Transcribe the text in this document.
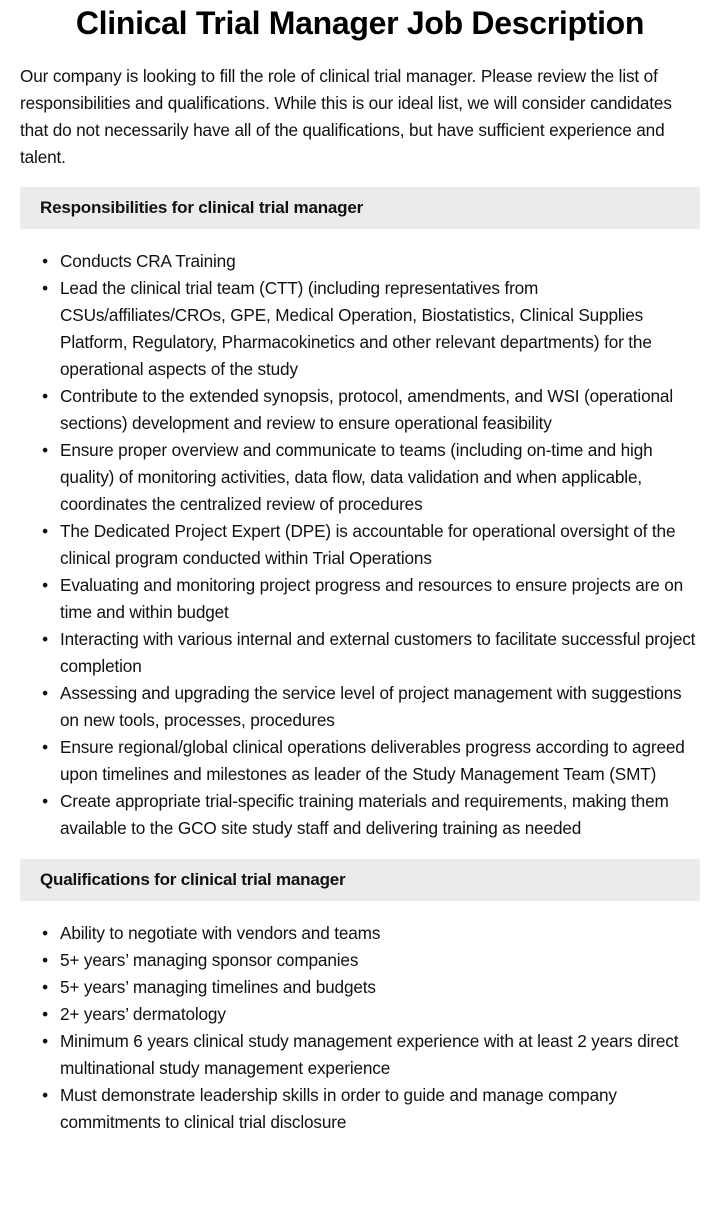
Clinical Trial Manager Job Description

Our company is looking to fill the role of clinical trial manager. Please review the list of responsibilities and qualifications. While this is our ideal list, we will consider candidates that do not necessarily have all of the qualifications, but have sufficient experience and talent.

Responsibilities for clinical trial manager
• Conducts CRA Training
• Lead the clinical trial team (CTT) (including representatives from CSUs/affiliates/CROs, GPE, Medical Operation, Biostatistics, Clinical Supplies Platform, Regulatory, Pharmacokinetics and other relevant departments) for the operational aspects of the study
• Contribute to the extended synopsis, protocol, amendments, and WSI (operational sections) development and review to ensure operational feasibility
• Ensure proper overview and communicate to teams (including on-time and high quality) of monitoring activities, data flow, data validation and when applicable, coordinates the centralized review of procedures
• The Dedicated Project Expert (DPE) is accountable for operational oversight of the clinical program conducted within Trial Operations
• Evaluating and monitoring project progress and resources to ensure projects are on time and within budget
• Interacting with various internal and external customers to facilitate successful project completion
• Assessing and upgrading the service level of project management with suggestions on new tools, processes, procedures
• Ensure regional/global clinical operations deliverables progress according to agreed upon timelines and milestones as leader of the Study Management Team (SMT)
• Create appropriate trial-specific training materials and requirements, making them available to the GCO site study staff and delivering training as needed
Qualifications for clinical trial manager
• Ability to negotiate with vendors and teams
• 5+ years’ managing sponsor companies
• 5+ years’ managing timelines and budgets
• 2+ years’ dermatology
• Minimum 6 years clinical study management experience with at least 2 years direct multinational study management experience
• Must demonstrate leadership skills in order to guide and manage company commitments to clinical trial disclosure
